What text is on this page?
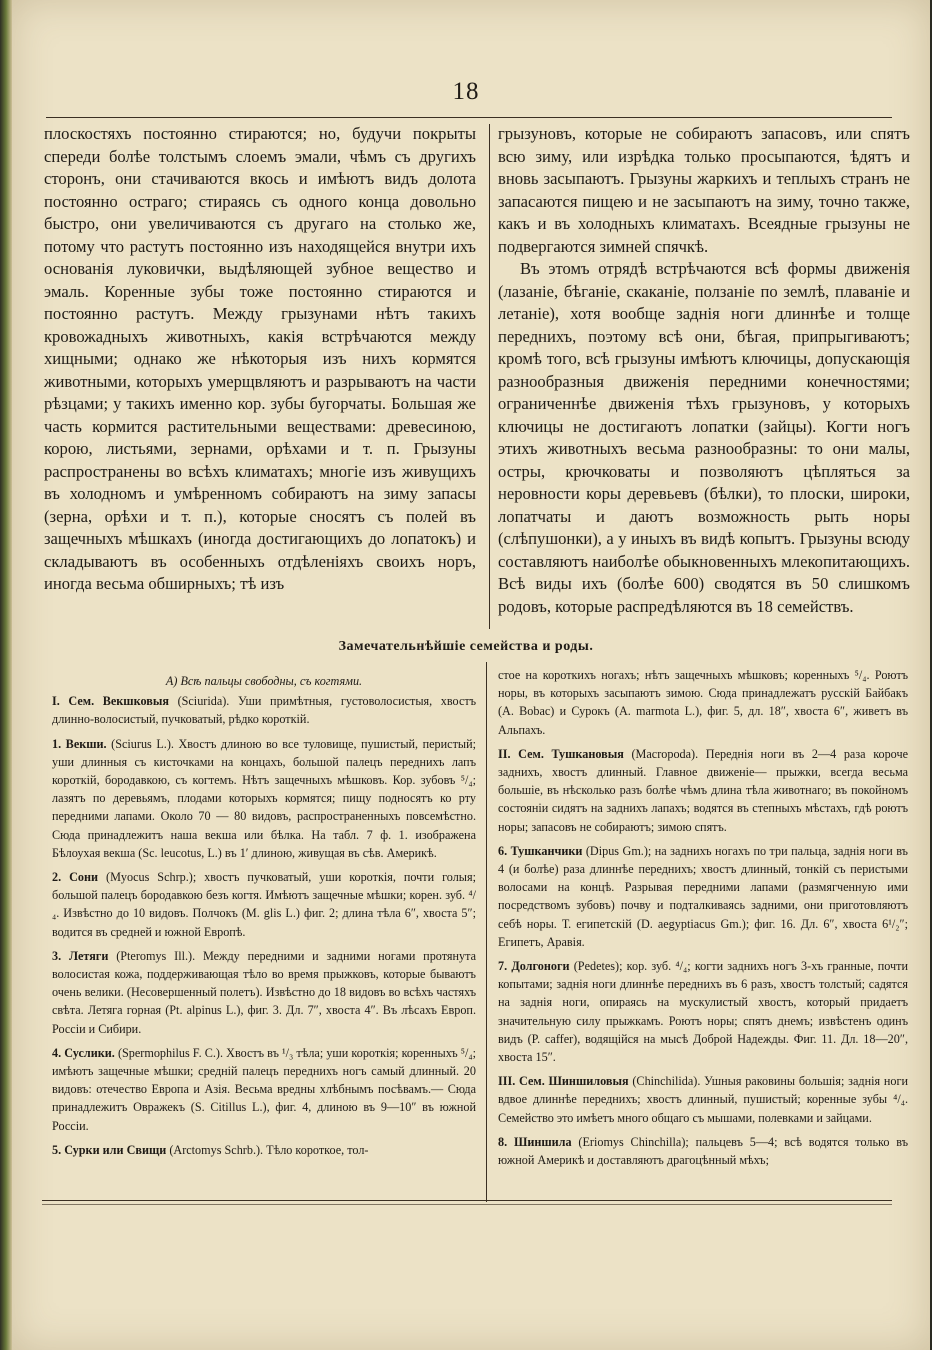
18

плоскостяхъ постоянно стираются; но, будучи покрыты спереди болѣе толстымъ слоемъ эмали, чѣмъ съ другихъ сторонъ, они стачиваются вкось и имѣютъ видъ долота постоянно остраго; стираясь съ одного конца довольно быстро, они увеличиваются съ другаго на столько же, потому что растутъ постоянно изъ находящейся внутри ихъ основанія луковички, выдѣляющей зубное вещество и эмаль. Коренные зубы тоже постоянно стираются и постоянно растутъ. Между грызунами нѣтъ такихъ кровожадныхъ животныхъ, какія встрѣчаются между хищными; однако же нѣкоторыя изъ нихъ кормятся животными, которыхъ умерщвляютъ и разрываютъ на части рѣзцами; у такихъ именно кор. зубы бугорчаты. Большая же часть кормится растительными веществами: древесиною, корою, листьями, зернами, орѣхами и т. п. Грызуны распространены во всѣхъ климатахъ; многіе изъ живущихъ въ холодномъ и умѣренномъ собираютъ на зиму запасы (зерна, орѣхи и т. п.), которые сносятъ съ полей въ защечныхъ мѣшкахъ (иногда достигающихъ до лопатокъ) и складываютъ въ особенныхъ отдѣленіяхъ своихъ норъ, иногда весьма обширныхъ; тѣ изъ

грызуновъ, которые не собираютъ запасовъ, или спятъ всю зиму, или изрѣдка только просыпаются, ѣдятъ и вновь засыпаютъ. Грызуны жаркихъ и теплыхъ странъ не запасаются пищею и не засыпаютъ на зиму, точно также, какъ и въ холодныхъ климатахъ. Всеядные грызуны не подвергаются зимней спячкѣ.

Въ этомъ отрядѣ встрѣчаются всѣ формы движенія (лазаніе, бѣганіе, скаканіе, ползаніе по землѣ, плаваніе и летаніе), хотя вообще заднія ноги длиннѣе и толще переднихъ, поэтому всѣ они, бѣгая, припрыгиваютъ; кромѣ того, всѣ грызуны имѣютъ ключицы, допускающія разнообразныя движенія передними конечностями; ограниченнѣе движенія тѣхъ грызуновъ, у которыхъ ключицы не достигаютъ лопатки (зайцы). Когти ногъ этихъ животныхъ весьма разнообразны: то они малы, остры, крючковаты и позволяютъ цѣпляться за неровности коры деревьевъ (бѣлки), то плоски, широки, лопатчаты и даютъ возможность рыть норы (слѣпушонки), а у иныхъ въ видѣ копытъ. Грызуны всюду составляютъ наиболѣе обыкновенныхъ млекопитающихъ. Всѣ виды ихъ (болѣе 600) сводятся въ 50 слишкомъ родовъ, которые распредѣляются въ 18 семействъ.

Замечательнѣйшіе семейства и роды.

А) Всѣ пальцы свободны, съ когтями.

I. Сем. Векшковыя (Sciurida). Уши примѣтныя, густоволосистыя, хвостъ длинно-волосистый, пучковатый, рѣдко короткій.

1. Векши. (Sciurus L.). Хвостъ длиною во все туловище, пушистый, перистый; уши длинныя съ кисточками на концахъ, большой палецъ переднихъ лапъ короткій, бородавкою, съ когтемъ. Нѣтъ защечныхъ мѣшковъ. Кор. зубовъ ⁵/₄; лазятъ по деревьямъ, плодами которыхъ кормятся; пищу подносятъ ко рту передними лапами. Около 70 — 80 видовъ, распространенныхъ повсемѣстно. Сюда принадлежитъ наша векша или бѣлка. На табл. 7 ф. 1. изображена Бѣлоухая векша (Sc. leucotus, L.) въ 1′ длиною, живущая въ сѣв. Америкѣ.

2. Сони (Myocus Schrp.); хвостъ пучковатый, уши короткія, почти голыя; большой палецъ бородавкою безъ когтя. Имѣютъ защечные мѣшки; корен. зуб. ⁴/₄. Извѣстно до 10 видовъ. Полчокъ (M. glis L.) фиг. 2; длина тѣла 6″, хвоста 5″; водится въ средней и южной Европѣ.

3. Летяги (Pteromys Ill.). Между передними и задними ногами протянута волосистая кожа, поддерживающая тѣло во время прыжковъ, которые бываютъ очень велики. (Несовершенный полетъ). Извѣстно до 18 видовъ во всѣхъ частяхъ свѣта. Летяга горная (Pt. alpinus L.), фиг. 3. Дл. 7″, хвоста 4″. Въ лѣсахъ Европ. Россіи и Сибири.

4. Суслики. (Spermophilus F. C.). Хвостъ въ ¹/₃ тѣла; уши короткія; коренныхъ ⁵/₄; имѣютъ защечные мѣшки; средній палецъ переднихъ ногъ самый длинный. 20 видовъ: отечество Европа и Азія. Весьма вредны хлѣбнымъ посѣвамъ.— Сюда принадлежитъ Овражекъ (S. Citillus L.), фиг. 4, длиною въ 9—10″ въ южной Россіи.

5. Сурки или Свищи (Arctomys Schrb.). Тѣло короткое, тол-

стое на короткихъ ногахъ; нѣтъ защечныхъ мѣшковъ; коренныхъ ⁵/₄. Роютъ норы, въ которыхъ засыпаютъ зимою. Сюда принадлежатъ русскій Байбакъ (A. Bobac) и Сурокъ (A. marmota L.), фиг. 5, дл. 18″, хвоста 6″, живетъ въ Альпахъ.

II. Сем. Тушкановыя (Macropoda). Переднія ноги въ 2—4 раза короче заднихъ, хвостъ длинный. Главное движеніе— прыжки, всегда весьма большіе, въ нѣсколько разъ болѣе чѣмъ длина тѣла животнаго; въ покойномъ состояніи сидятъ на заднихъ лапахъ; водятся въ степныхъ мѣстахъ, гдѣ роютъ норы; запасовъ не собираютъ; зимою спятъ.

6. Тушканчики (Dipus Gm.); на заднихъ ногахъ по три пальца, заднія ноги въ 4 (и болѣе) раза длиннѣе переднихъ; хвостъ длинный, тонкій съ перистыми волосами на концѣ. Разрывая передними лапами (размягченную ими посредствомъ зубовъ) почву и подталкиваясь задними, они приготовляютъ себѣ норы. Т. египетскій (D. aegyptiacus Gm.); фиг. 16. Дл. 6″, хвоста 6¹/₂″; Египетъ, Аравія.

7. Долгоноги (Pedetes); кор. зуб. ⁴/₄; когти заднихъ ногъ 3-хъ гранные, почти копытами; заднія ноги длиннѣе переднихъ въ 6 разъ, хвостъ толстый; садятся на заднія ноги, опираясь на мускулистый хвостъ, который придаетъ значительную силу прыжкамъ. Роютъ норы; спятъ днемъ; извѣстенъ одинъ видъ (P. caffer), водящійся на мысѣ Доброй Надежды. Фиг. 11. Дл. 18—20″, хвоста 15″.

III. Сем. Шиншиловыя (Chinchilida). Ушныя раковины большія; заднія ноги вдвое длиннѣе переднихъ; хвостъ длинный, пушистый; коренные зубы ⁴/₄. Семейство это имѣетъ много общаго съ мышами, полевками и зайцами.

8. Шиншила (Eriomys Chinchilla); пальцевъ 5—4; всѣ водятся только въ южной Америкѣ и доставляютъ драгоцѣнный мѣхъ;
